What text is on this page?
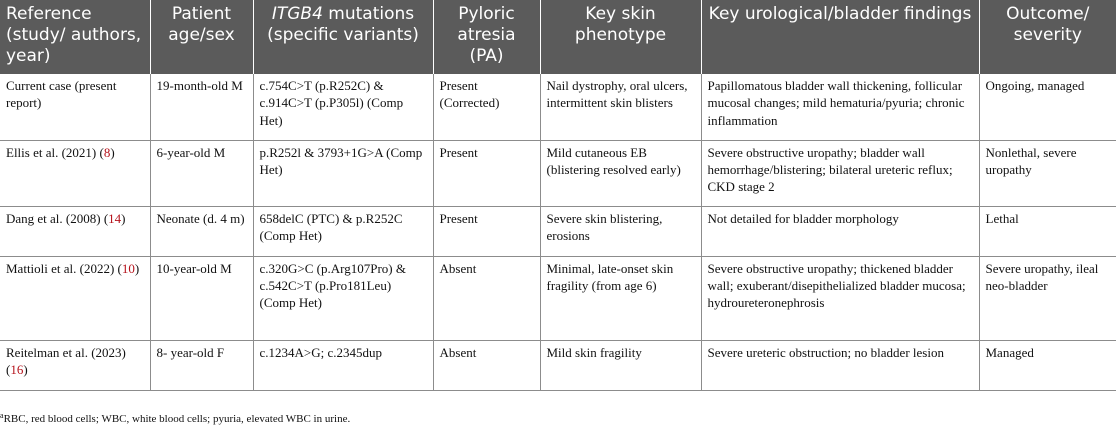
Reference (study/ authors, year)	Patient age/sex	ITGB4 mutations (specific variants)	Pyloric atresia (PA)	Key skin phenotype	Key urological/bladder findings	Outcome/ severity
Current case (present report)	19-month-old M	c.754C>T (p.R252C) & c.914C>T (p.P305l) (Comp Het)	Present (Corrected)	Nail dystrophy, oral ulcers, intermittent skin blisters	Papillomatous bladder wall thickening, follicular mucosal changes; mild hematuria/pyuria; chronic inflammation	Ongoing, managed
Ellis et al. (2021) (8)	6-year-old M	p.R252l & 3793+1G>A (Comp Het)	Present	Mild cutaneous EB (blistering resolved early)	Severe obstructive uropathy; bladder wall hemorrhage/blistering; bilateral ureteric reflux; CKD stage 2	Nonlethal, severe uropathy
Dang et al. (2008) (14)	Neonate (d. 4 m)	658delC (PTC) & p.R252C (Comp Het)	Present	Severe skin blistering, erosions	Not detailed for bladder morphology	Lethal
Mattioli et al. (2022) (10)	10-year-old M	c.320G>C (p.Arg107Pro) & c.542C>T (p.Pro181Leu) (Comp Het)	Absent	Minimal, late-onset skin fragility (from age 6)	Severe obstructive uropathy; thickened bladder wall; exuberant/disepithelialized bladder mucosa; hydroureteronephrosis	Severe uropathy, ileal neo-bladder
Reitelman et al. (2023) (16)	8- year-old F	c.1234A>G; c.2345dup	Absent	Mild skin fragility	Severe ureteric obstruction; no bladder lesion	Managed
$^a$RBC, red blood cells; WBC, white blood cells; pyuria, elevated WBC in urine.
